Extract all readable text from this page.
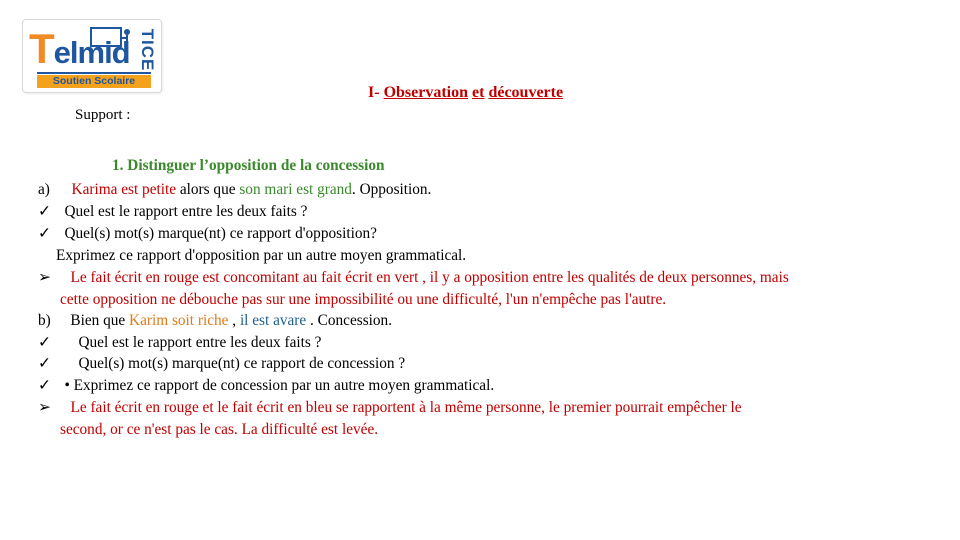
Telmid TICE
Soutien Scolaire
I- Observation et découverte
Support :
1. Distinguer l’opposition de la concession
a) Karima est petite alors que son mari est grand. Opposition.
✓ Quel est le rapport entre les deux faits ?
✓ Quel(s) mot(s) marque(nt) ce rapport d'opposition?
Exprimez ce rapport d'opposition par un autre moyen grammatical.
➢ Le fait écrit en rouge est concomitant au fait écrit en vert , il y a opposition entre les qualités de deux personnes, mais
cette opposition ne débouche pas sur une impossibilité ou une difficulté, l'un n'empêche pas l'autre.
b) Bien que Karim soit riche , il est avare . Concession.
✓ Quel est le rapport entre les deux faits ?
✓ Quel(s) mot(s) marque(nt) ce rapport de concession ?
✓ • Exprimez ce rapport de concession par un autre moyen grammatical.
➢ Le fait écrit en rouge et le fait écrit en bleu se rapportent à la même personne, le premier pourrait empêcher le
second, or ce n'est pas le cas. La difficulté est levée.
